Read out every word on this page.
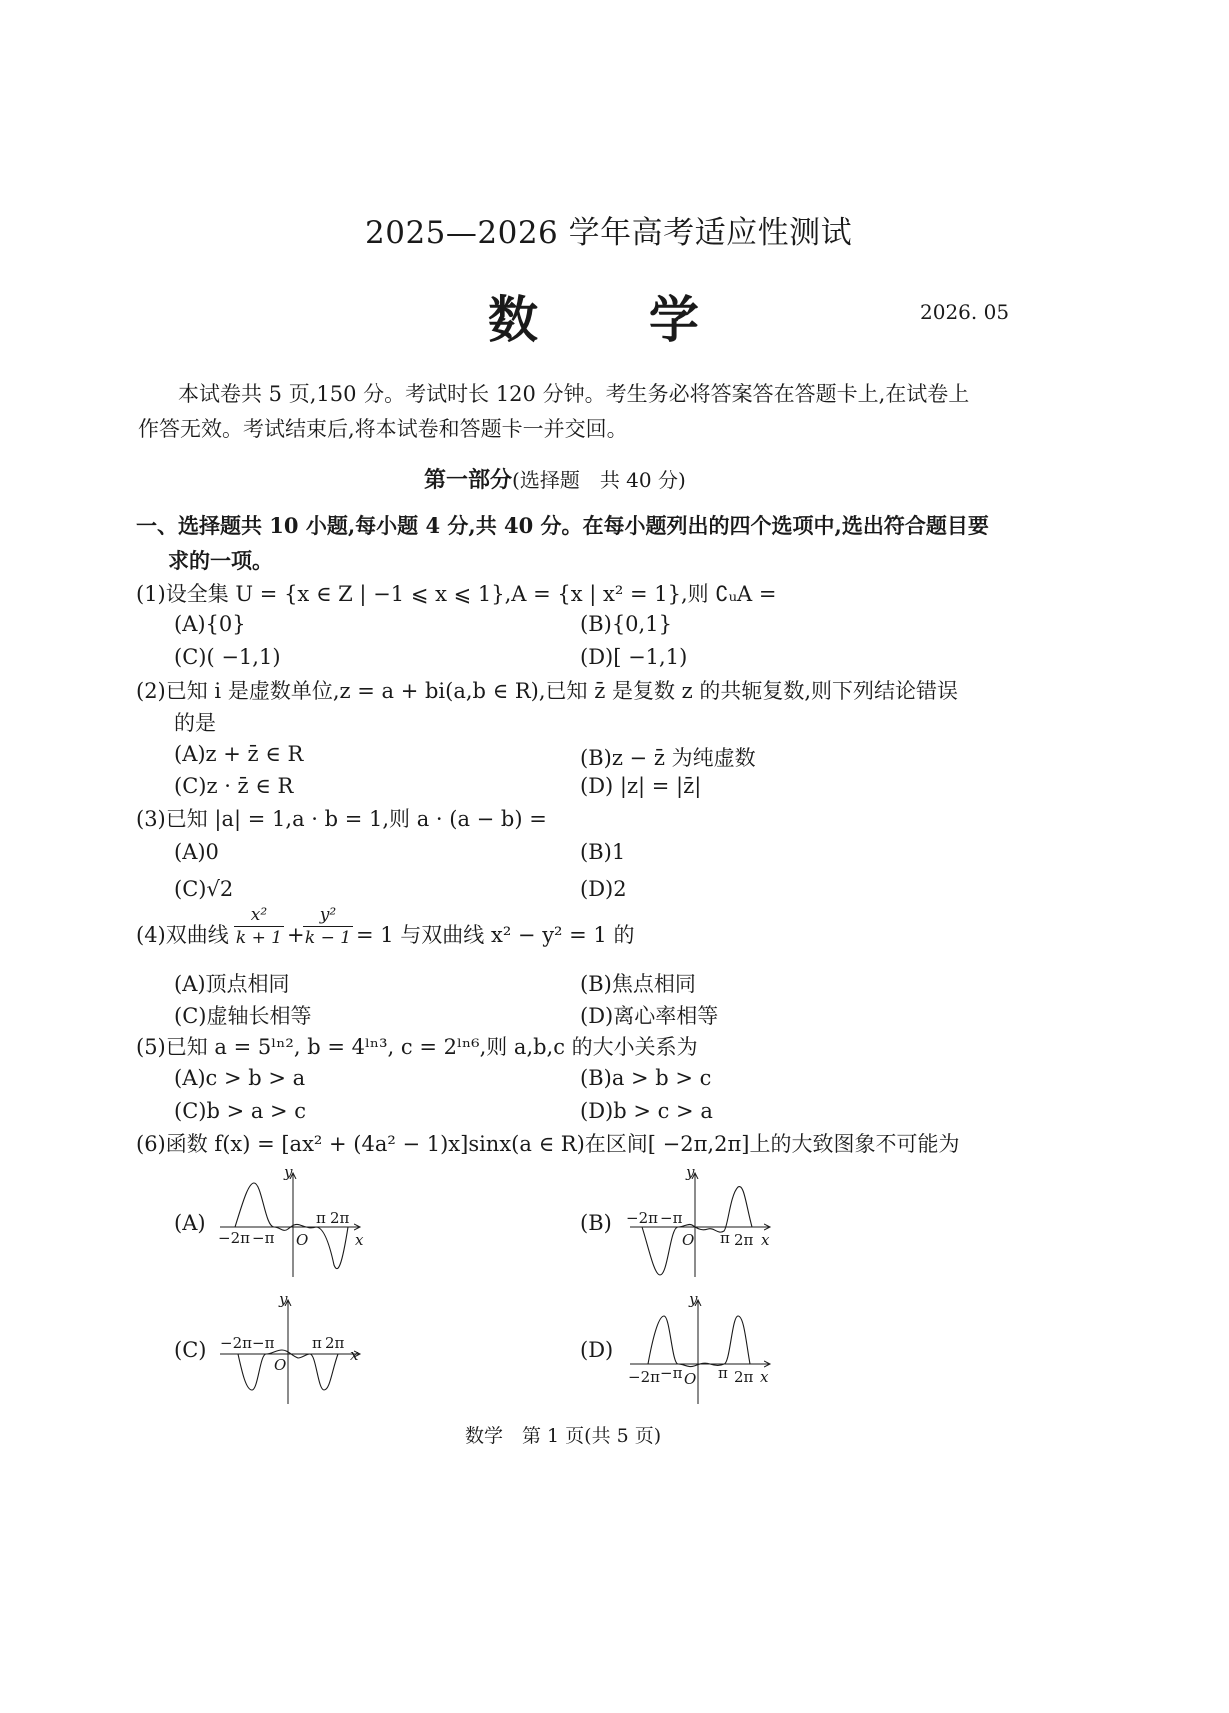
2025—2026 学年高考适应性测试
数 学	2026. 05
本试卷共 5 页,150 分。考试时长 120 分钟。考生务必将答案答在答题卡上,在试卷上
作答无效。考试结束后,将本试卷和答题卡一并交回。
第一部分(选择题　共 40 分)
一、选择题共 10 小题,每小题 4 分,共 40 分。在每小题列出的四个选项中,选出符合题目要
求的一项。
(1)设全集 U = {x ∈ Z | −1 ⩽ x ⩽ 1},A = {x | x² = 1},则 ∁ᵤA =
(A){0}	(B){0,1}
(C)( −1,1)	(D)[ −1,1)
(2)已知 i 是虚数单位,z = a + bi(a,b ∈ R),已知 z̄ 是复数 z 的共轭复数,则下列结论错误
的是
(A)z + z̄ ∈ R	(B)z − z̄ 为纯虚数
(C)z · z̄ ∈ R	(D) |z| = |z̄|
(3)已知 |a| = 1,a · b = 1,则 a · (a − b) =
(A)0	(B)1
(C)√2	(D)2
(4)双曲线 $\frac{\text{x²}}{k + 1}$ +
$\frac{\text{y²}}{k - 1} = 1$ 与双曲线 x² − y² = 1 的
(A)顶点相同	(B)焦点相同
(C)虚轴长相等	(D)离心率相等
(5)已知 a = 5ˡⁿ², b = 4ˡⁿ³, c = 2ˡⁿ⁶,则 a,b,c 的大小关系为
(A)c > b > a	(B)a > b > c
(C)b > a > c	(D)b > c > a
(6)函数 f(x) = [ax² + (4a² − 1)x]sinx(a ∈ R)在区间[ −2π,2π]上的大致图象不可能为
(A)	(B)
(C)	(D)
y
x
O
−2π −π
π 2π
y
x
O
−2π −π
π 2π
y
x
O
−2π −π	π 2π
y
x
O
−2π −π π 2π
数学　第 1 页(共 5 页)
